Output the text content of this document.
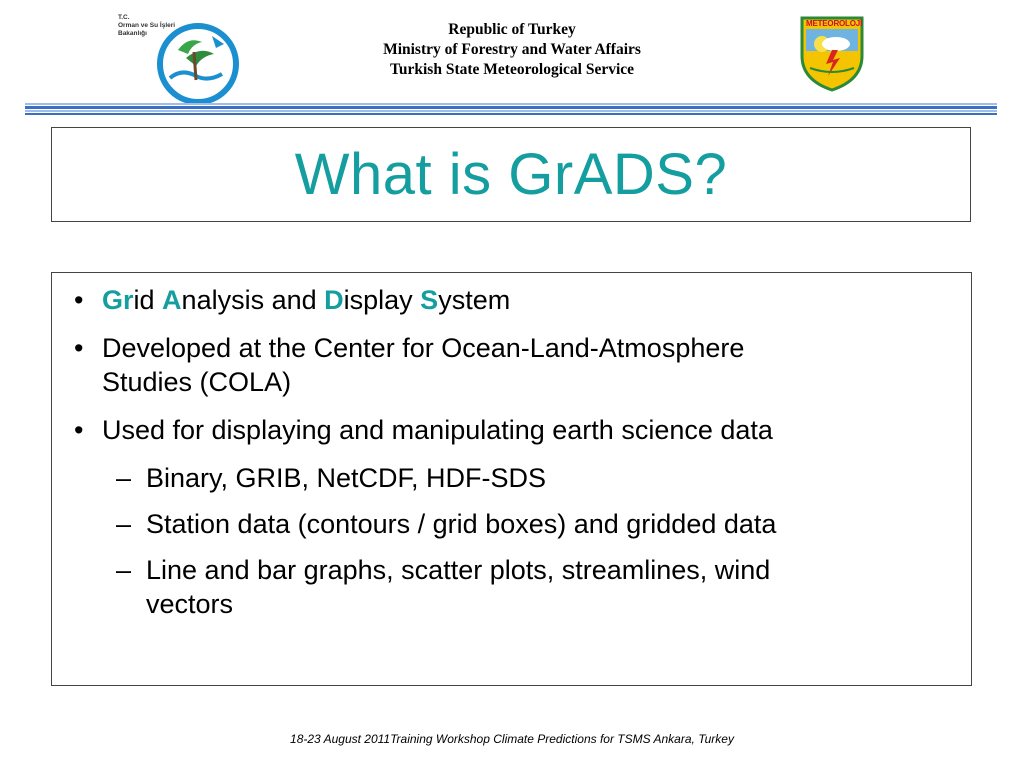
T.C.
Orman ve Su İşleri
Bakanlığı	Republic of Turkey
Ministry of Forestry and Water Affairs
Turkish State Meteorological Service
METEOROLOJİ
What is GrADS?
• Grid Analysis and Display System
• Developed at the Center for Ocean-Land-Atmosphere
Studies (COLA)
• Used for displaying and manipulating earth science data
– Binary, GRIB, NetCDF, HDF-SDS
– Station data (contours / grid boxes) and gridded data
– Line and bar graphs, scatter plots, streamlines, wind
vectors
18-23 August 2011Training Workshop Climate Predictions for TSMS Ankara, Turkey
